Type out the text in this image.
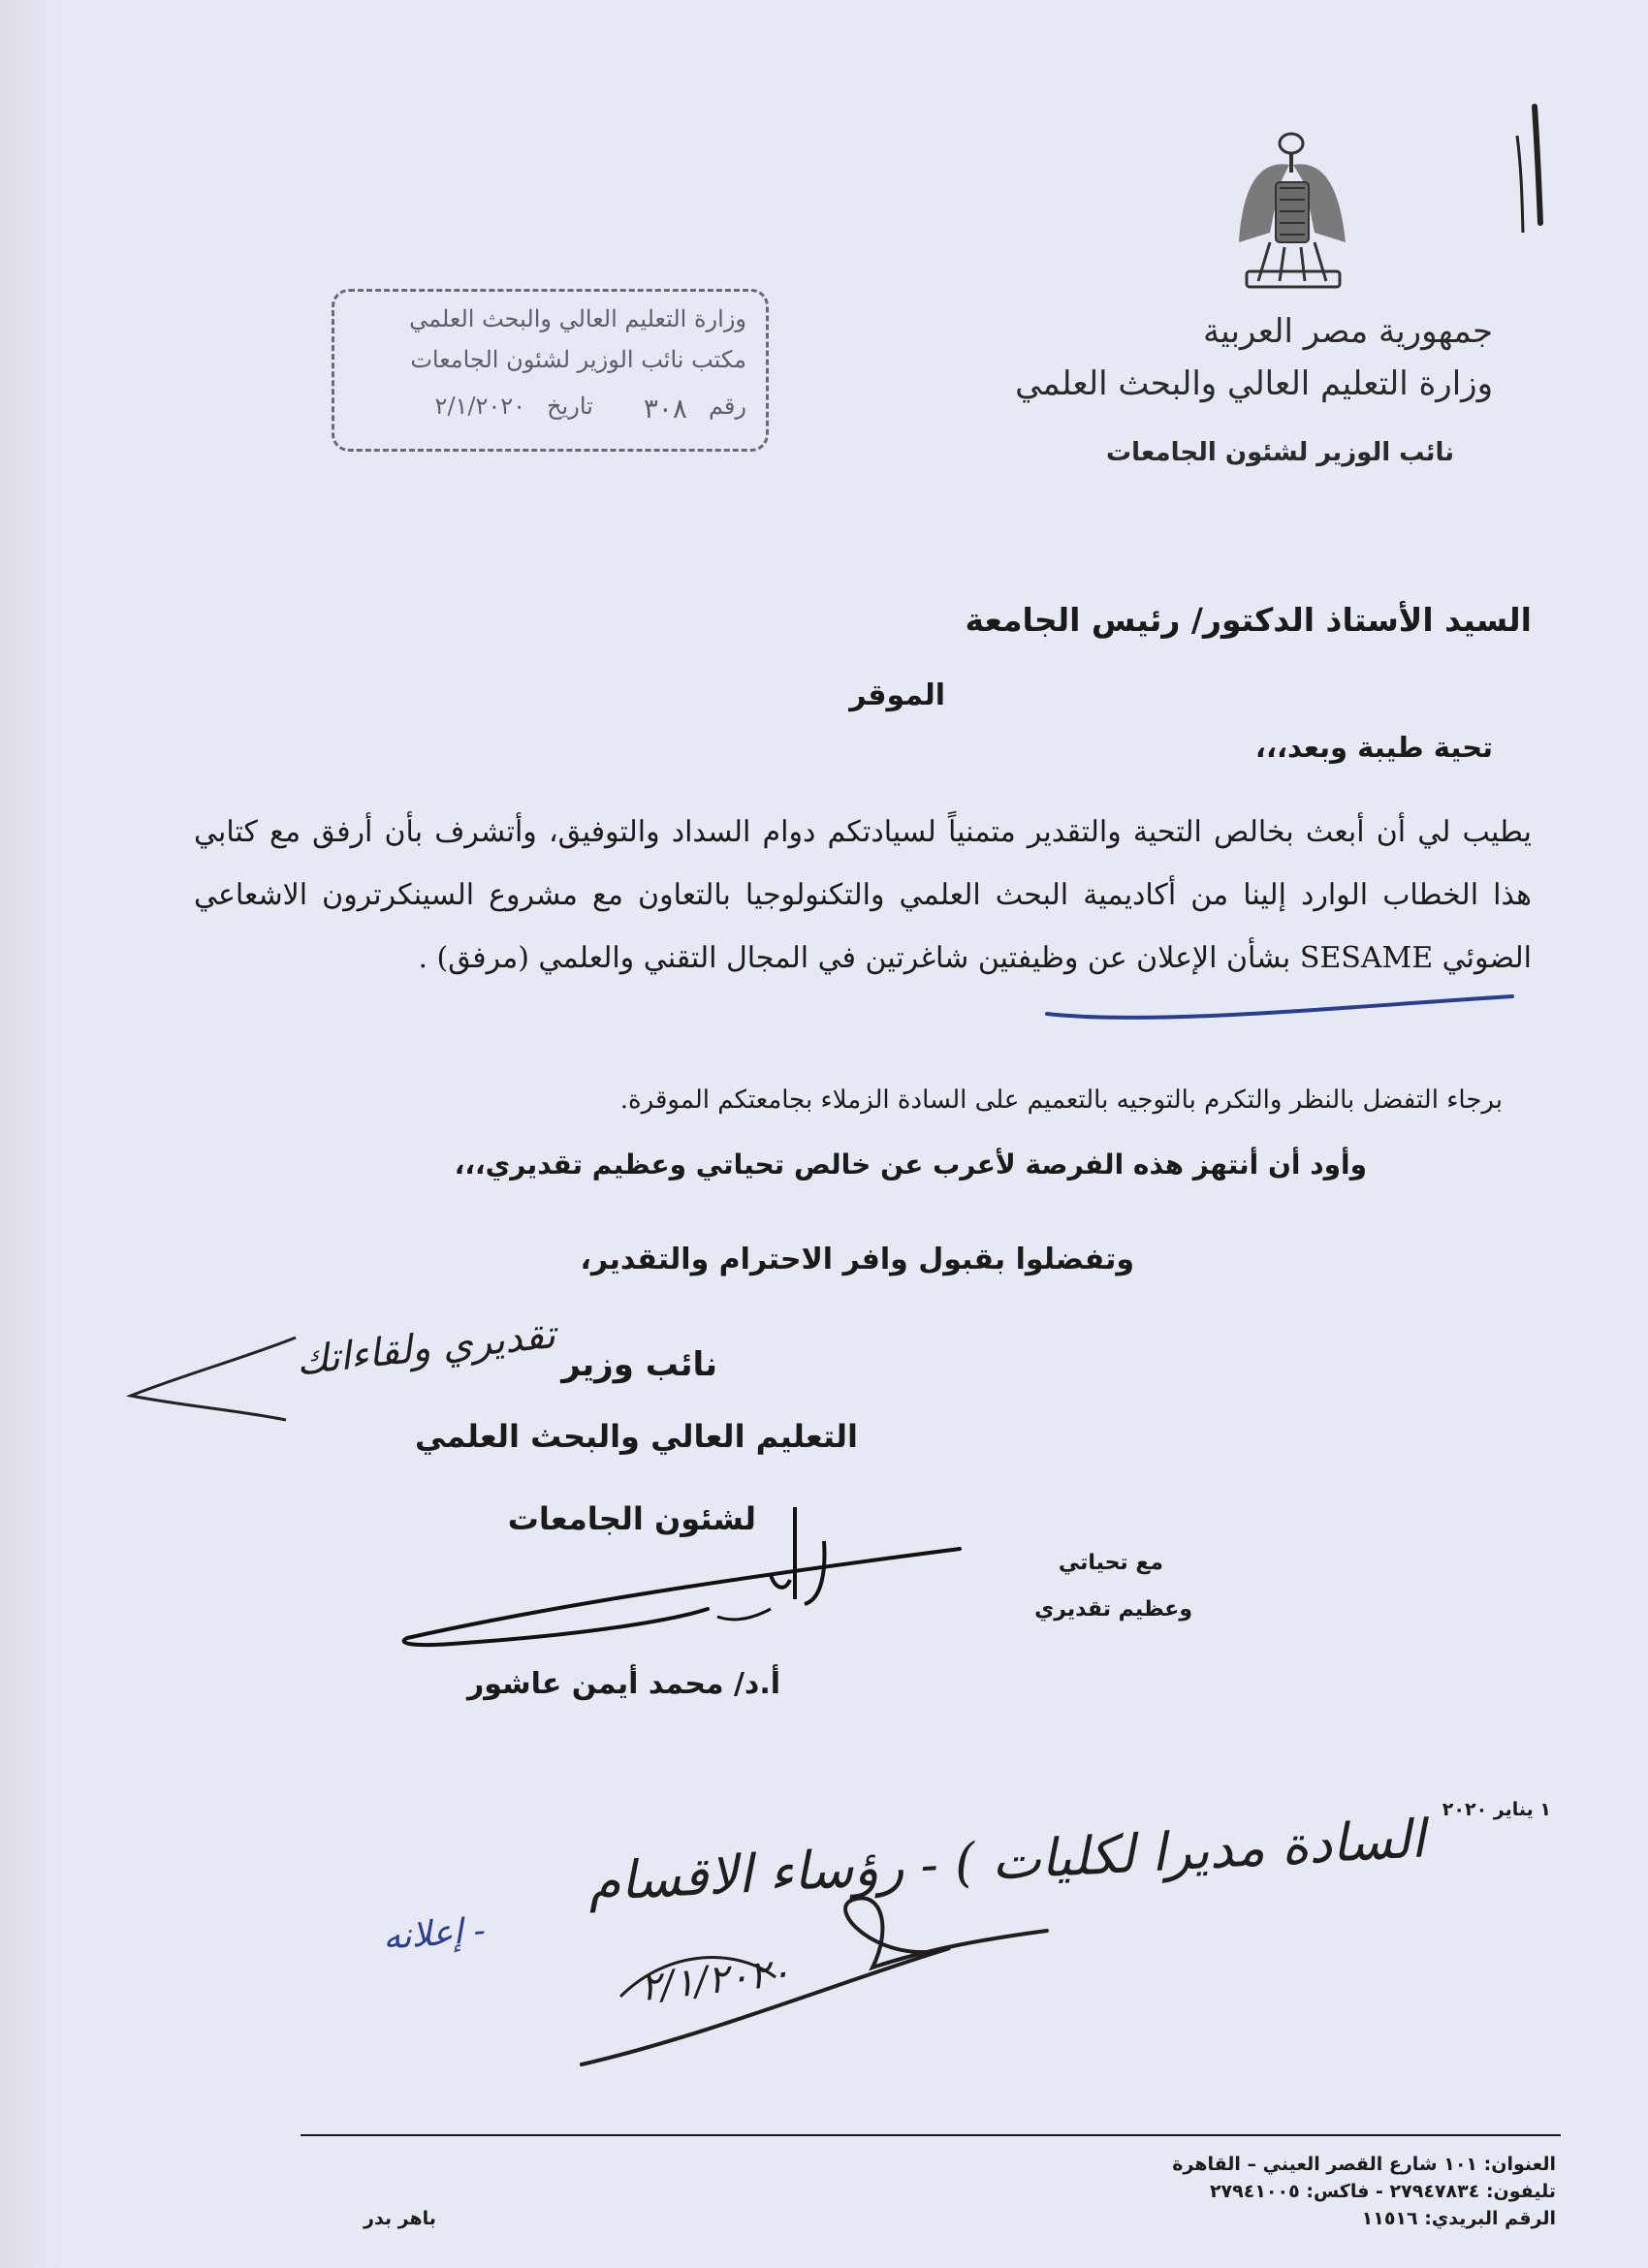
جمهورية مصر العربية
وزارة التعليم العالي والبحث العلمي
نائب الوزير لشئون الجامعات
وزارة التعليم العالي والبحث العلمي
مكتب نائب الوزير لشئون الجامعات
رقم
٣٠٨
تاريخ
٢/١/٢٠٢٠
السيد الأستاذ الدكتور/ رئيس الجامعة
الموقر
تحية طيبة وبعد،،،
يطيب لي أن أبعث بخالص التحية والتقدير متمنياً لسيادتكم دوام السداد والتوفيق، وأتشرف بأن أرفق مع كتابي هذا الخطاب الوارد إلينا من أكاديمية البحث العلمي والتكنولوجيا بالتعاون مع مشروع السينكرترون الاشعاعي الضوئي SESAME بشأن الإعلان عن وظيفتين شاغرتين في المجال التقني والعلمي (مرفق) .
برجاء التفضل بالنظر والتكرم بالتوجيه بالتعميم على السادة الزملاء بجامعتكم الموقرة.
وأود أن أنتهز هذه الفرصة لأعرب عن خالص تحياتي وعظيم تقديري،،،
وتفضلوا بقبول وافر الاحترام والتقدير،
نائب وزير
التعليم العالي والبحث العلمي
لشئون الجامعات
أ.د/ محمد أيمن عاشور
مع تحياتي
وعظيم تقديري
تقديري ولقاءاتك
١ يناير ٢٠٢٠
السادة مديرا لكليات ) - رؤساء الاقسام
- إعلانه
٢/١/٢٠٢٠
العنوان: ١٠١ شارع القصر العيني – القاهرة
تليفون: ٢٧٩٤٧٨٣٤ - فاكس: ٢٧٩٤١٠٠٥
الرقم البريدي: ١١٥١٦
باهر بدر
